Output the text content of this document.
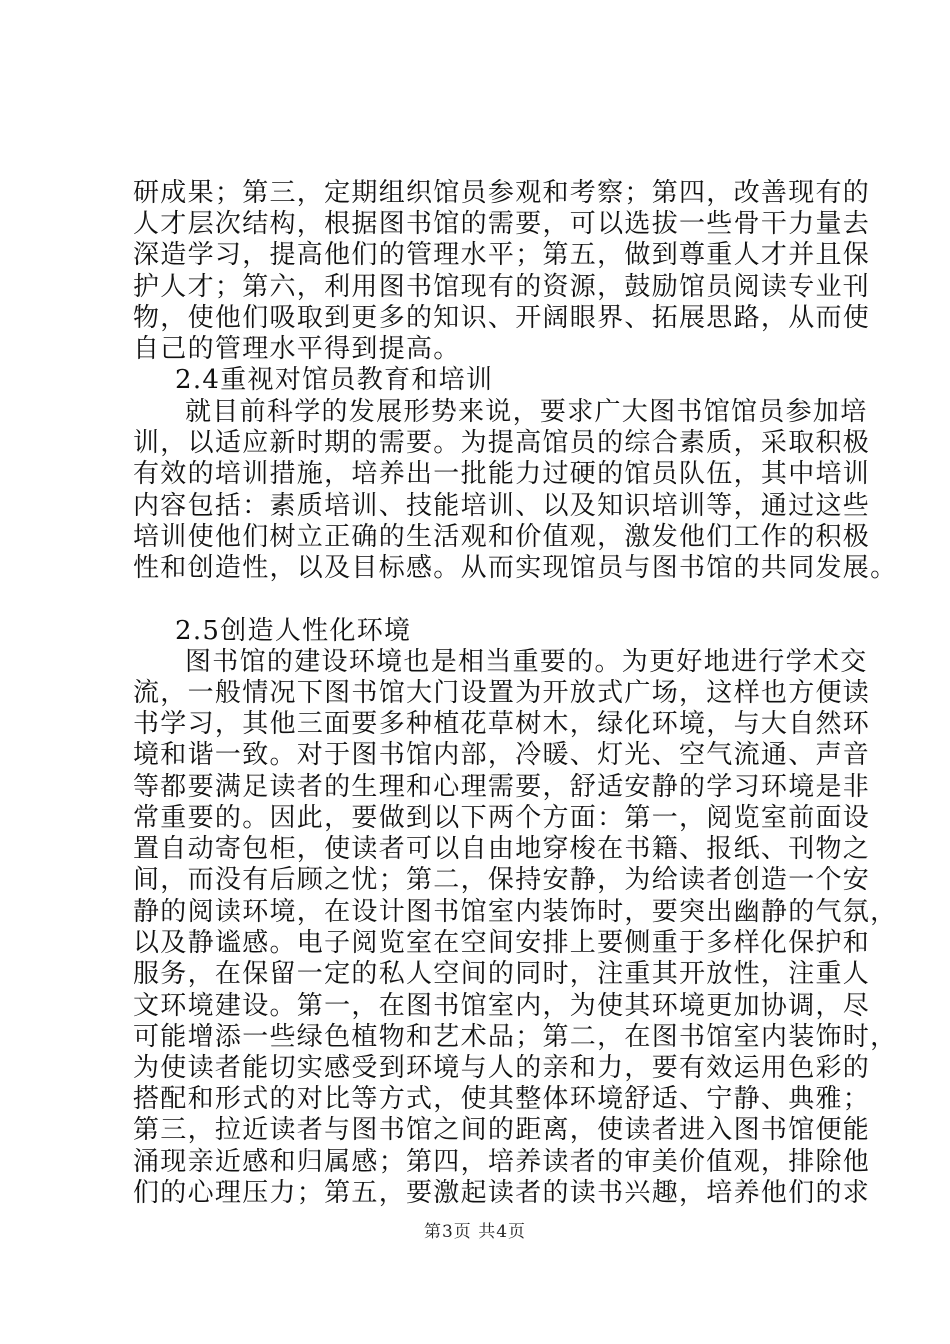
研成果；第三，定期组织馆员参观和考察；第四，改善现有的
人才层次结构，根据图书馆的需要，可以选拔一些骨干力量去
深造学习，提高他们的管理水平；第五，做到尊重人才并且保
护人才；第六，利用图书馆现有的资源，鼓励馆员阅读专业刊
物，使他们吸取到更多的知识、开阔眼界、拓展思路，从而使
自己的管理水平得到提高。
2.4重视对馆员教育和培训
就目前科学的发展形势来说，要求广大图书馆馆员参加培
训，以适应新时期的需要。为提高馆员的综合素质，采取积极
有效的培训措施，培养出一批能力过硬的馆员队伍，其中培训
内容包括：素质培训、技能培训、以及知识培训等，通过这些
培训使他们树立正确的生活观和价值观，激发他们工作的积极
性和创造性，以及目标感。从而实现馆员与图书馆的共同发展。
2.5创造人性化环境
图书馆的建设环境也是相当重要的。为更好地进行学术交
流，一般情况下图书馆大门设置为开放式广场，这样也方便读
书学习，其他三面要多种植花草树木，绿化环境，与大自然环
境和谐一致。对于图书馆内部，冷暖、灯光、空气流通、声音
等都要满足读者的生理和心理需要，舒适安静的学习环境是非
常重要的。因此，要做到以下两个方面：第一，阅览室前面设
置自动寄包柜，使读者可以自由地穿梭在书籍、报纸、刊物之
间，而没有后顾之忧；第二，保持安静，为给读者创造一个安
静的阅读环境，在设计图书馆室内装饰时，要突出幽静的气氛，
以及静谧感。电子阅览室在空间安排上要侧重于多样化保护和
服务，在保留一定的私人空间的同时，注重其开放性，注重人
文环境建设。第一，在图书馆室内，为使其环境更加协调，尽
可能增添一些绿色植物和艺术品；第二，在图书馆室内装饰时，
为使读者能切实感受到环境与人的亲和力，要有效运用色彩的
搭配和形式的对比等方式，使其整体环境舒适、宁静、典雅；
第三，拉近读者与图书馆之间的距离，使读者进入图书馆便能
涌现亲近感和归属感；第四，培养读者的审美价值观，排除他
们的心理压力；第五，要激起读者的读书兴趣，培养他们的求
第3页 共4页
